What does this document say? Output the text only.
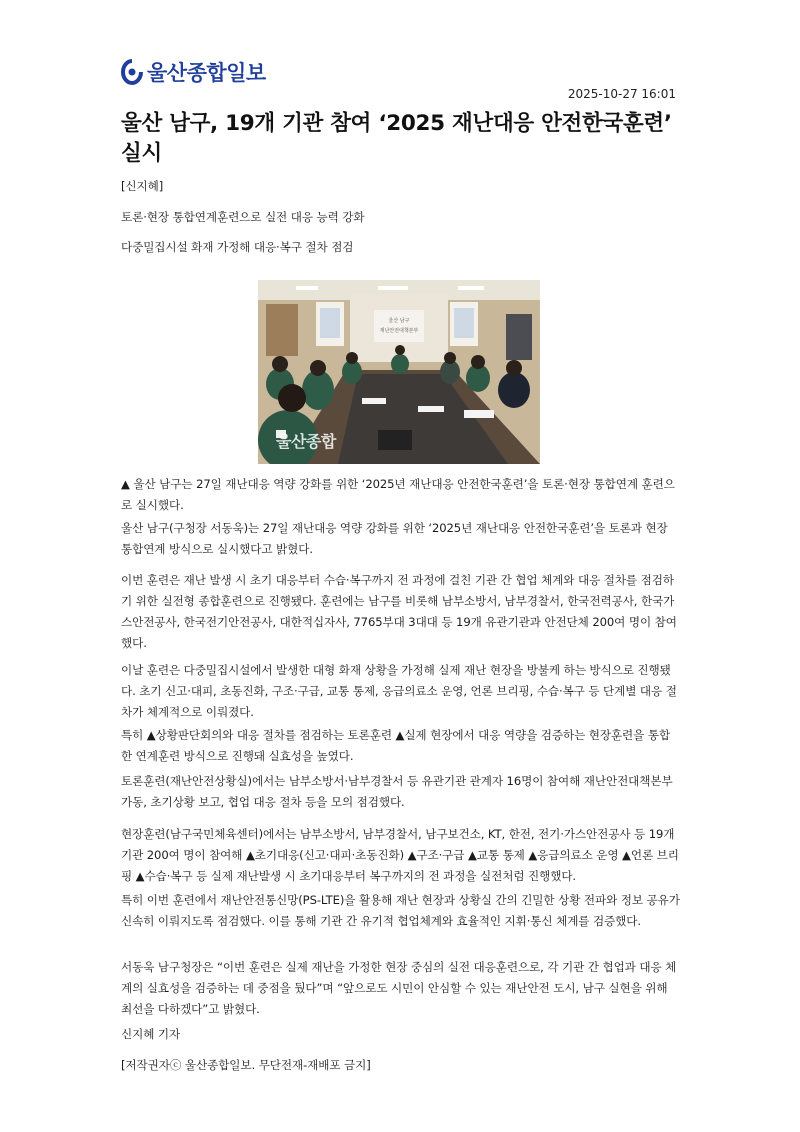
울산종합일보
2025-10-27 16:01
울산 남구, 19개 기관 참여 ‘2025 재난대응 안전한국훈련’ 실시
[신지혜]
토론·현장 통합연계훈련으로 실전 대응 능력 강화
다중밀집시설 화재 가정해 대응·복구 절차 점검
울산 남구
재난안전대책본부
울산종합
▲ 울산 남구는 27일 재난대응 역량 강화를 위한 ‘2025년 재난대응 안전한국훈련’을 토론·현장 통합연계 훈련으로 실시했다.
울산 남구(구청장 서동욱)는 27일 재난대응 역량 강화를 위한 ‘2025년 재난대응 안전한국훈련’을 토론과 현장 통합연계 방식으로 실시했다고 밝혔다.
이번 훈련은 재난 발생 시 초기 대응부터 수습·복구까지 전 과정에 걸친 기관 간 협업 체계와 대응 절차를 점검하기 위한 실전형 종합훈련으로 진행됐다. 훈련에는 남구를 비롯해 남부소방서, 남부경찰서, 한국전력공사, 한국가스안전공사, 한국전기안전공사, 대한적십자사, 7765부대 3대대 등 19개 유관기관과 안전단체 200여 명이 참여했다.
이날 훈련은 다중밀집시설에서 발생한 대형 화재 상황을 가정해 실제 재난 현장을 방불케 하는 방식으로 진행됐다. 초기 신고·대피, 초동진화, 구조·구급, 교통 통제, 응급의료소 운영, 언론 브리핑, 수습·복구 등 단계별 대응 절차가 체계적으로 이뤄졌다.
특히 ▲상황판단회의와 대응 절차를 점검하는 토론훈련 ▲실제 현장에서 대응 역량을 검증하는 현장훈련을 통합한 연계훈련 방식으로 진행돼 실효성을 높였다.
토론훈련(재난안전상황실)에서는 남부소방서·남부경찰서 등 유관기관 관계자 16명이 참여해 재난안전대책본부 가동, 초기상황 보고, 협업 대응 절차 등을 모의 점검했다.
현장훈련(남구국민체육센터)에서는 남부소방서, 남부경찰서, 남구보건소, KT, 한전, 전기·가스안전공사 등 19개 기관 200여 명이 참여해 ▲초기대응(신고·대피·초동진화) ▲구조·구급 ▲교통 통제 ▲응급의료소 운영 ▲언론 브리핑 ▲수습·복구 등 실제 재난발생 시 초기대응부터 복구까지의 전 과정을 실전처럼 진행했다.
특히 이번 훈련에서 재난안전통신망(PS-LTE)을 활용해 재난 현장과 상황실 간의 긴밀한 상황 전파와 정보 공유가 신속히 이뤄지도록 점검했다. 이를 통해 기관 간 유기적 협업체계와 효율적인 지휘·통신 체계를 검증했다.
서동욱 남구청장은 “이번 훈련은 실제 재난을 가정한 현장 중심의 실전 대응훈련으로, 각 기관 간 협업과 대응 체계의 실효성을 검증하는 데 중점을 뒀다”며 “앞으로도 시민이 안심할 수 있는 재난안전 도시, 남구 실현을 위해 최선을 다하겠다”고 밝혔다.
신지혜 기자
[저작권자ⓒ 울산종합일보. 무단전재-재배포 금지]
